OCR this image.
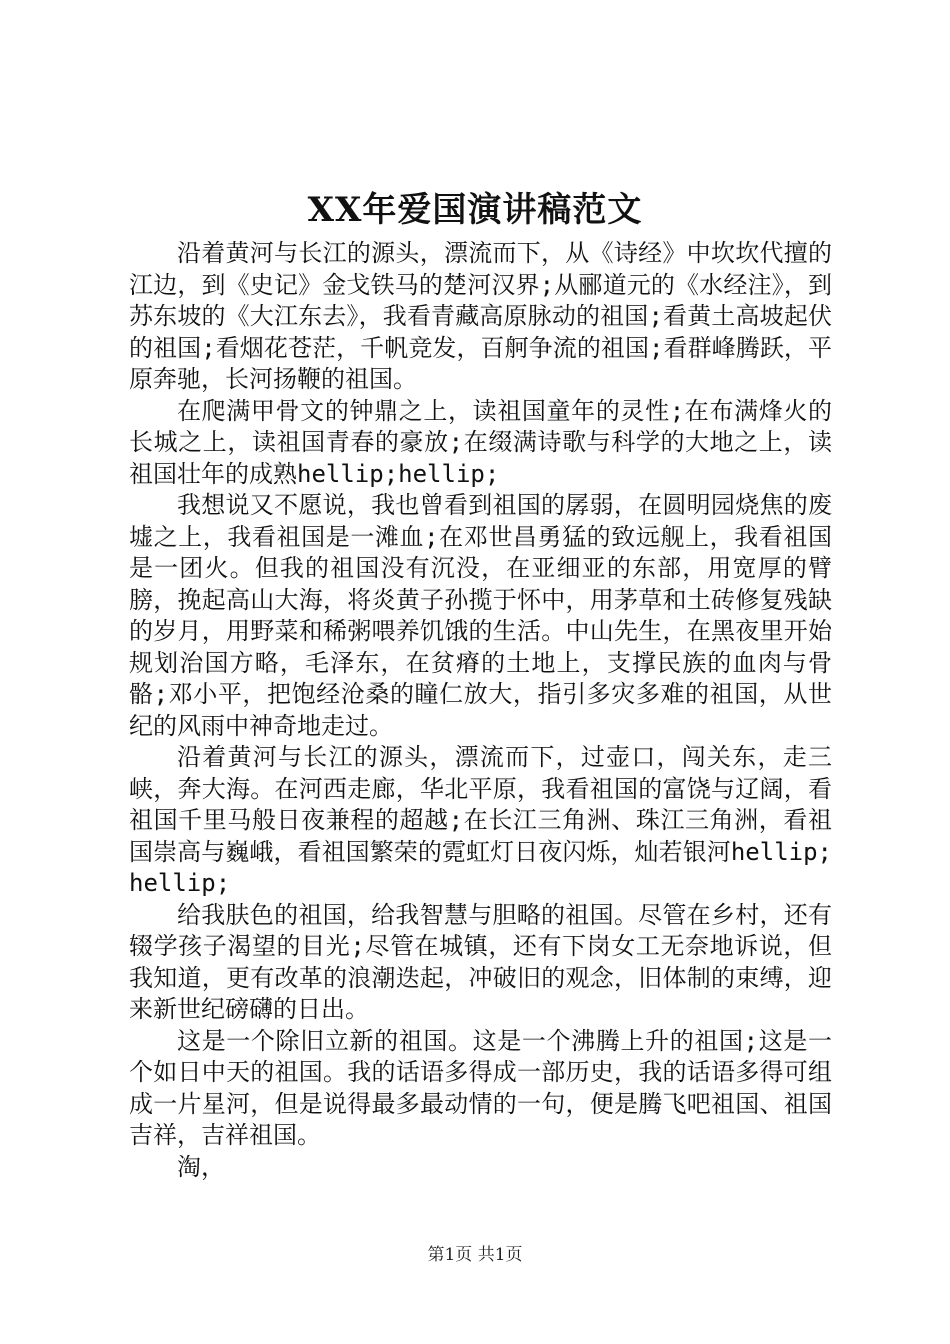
XX年爱国演讲稿范文

沿着黄河与长江的源头，漂流而下，从《诗经》中坎坎代擅的江边，到《史记》金戈铁马的楚河汉界;从郦道元的《水经注》，到苏东坡的《大江东去》，我看青藏高原脉动的祖国;看黄土高坡起伏的祖国;看烟花苍茫，千帆竞发，百舸争流的祖国;看群峰腾跃，平原奔驰，长河扬鞭的祖国。

在爬满甲骨文的钟鼎之上，读祖国童年的灵性;在布满烽火的长城之上，读祖国青春的豪放;在缀满诗歌与科学的大地之上，读祖国壮年的成熟hellip;hellip;

我想说又不愿说，我也曾看到祖国的孱弱，在圆明园烧焦的废墟之上，我看祖国是一滩血;在邓世昌勇猛的致远舰上，我看祖国是一团火。但我的祖国没有沉没，在亚细亚的东部，用宽厚的臂膀，挽起高山大海，将炎黄子孙揽于怀中，用茅草和土砖修复残缺的岁月，用野菜和稀粥喂养饥饿的生活。中山先生，在黑夜里开始规划治国方略，毛泽东，在贫瘠的土地上，支撑民族的血肉与骨骼;邓小平，把饱经沧桑的瞳仁放大，指引多灾多难的祖国，从世纪的风雨中神奇地走过。

沿着黄河与长江的源头，漂流而下，过壶口，闯关东，走三峡，奔大海。在河西走廊，华北平原，我看祖国的富饶与辽阔，看祖国千里马般日夜兼程的超越;在长江三角洲、珠江三角洲，看祖国崇高与巍峨，看祖国繁荣的霓虹灯日夜闪烁，灿若银河hellip;hellip;

给我肤色的祖国，给我智慧与胆略的祖国。尽管在乡村，还有辍学孩子渴望的目光;尽管在城镇，还有下岗女工无奈地诉说，但我知道，更有改革的浪潮迭起，冲破旧的观念，旧体制的束缚，迎来新世纪磅礴的日出。

这是一个除旧立新的祖国。这是一个沸腾上升的祖国;这是一个如日中天的祖国。我的话语多得成一部历史，我的话语多得可组成一片星河，但是说得最多最动情的一句，便是腾飞吧祖国、祖国吉祥，吉祥祖国。

淘，

第1页 共1页
